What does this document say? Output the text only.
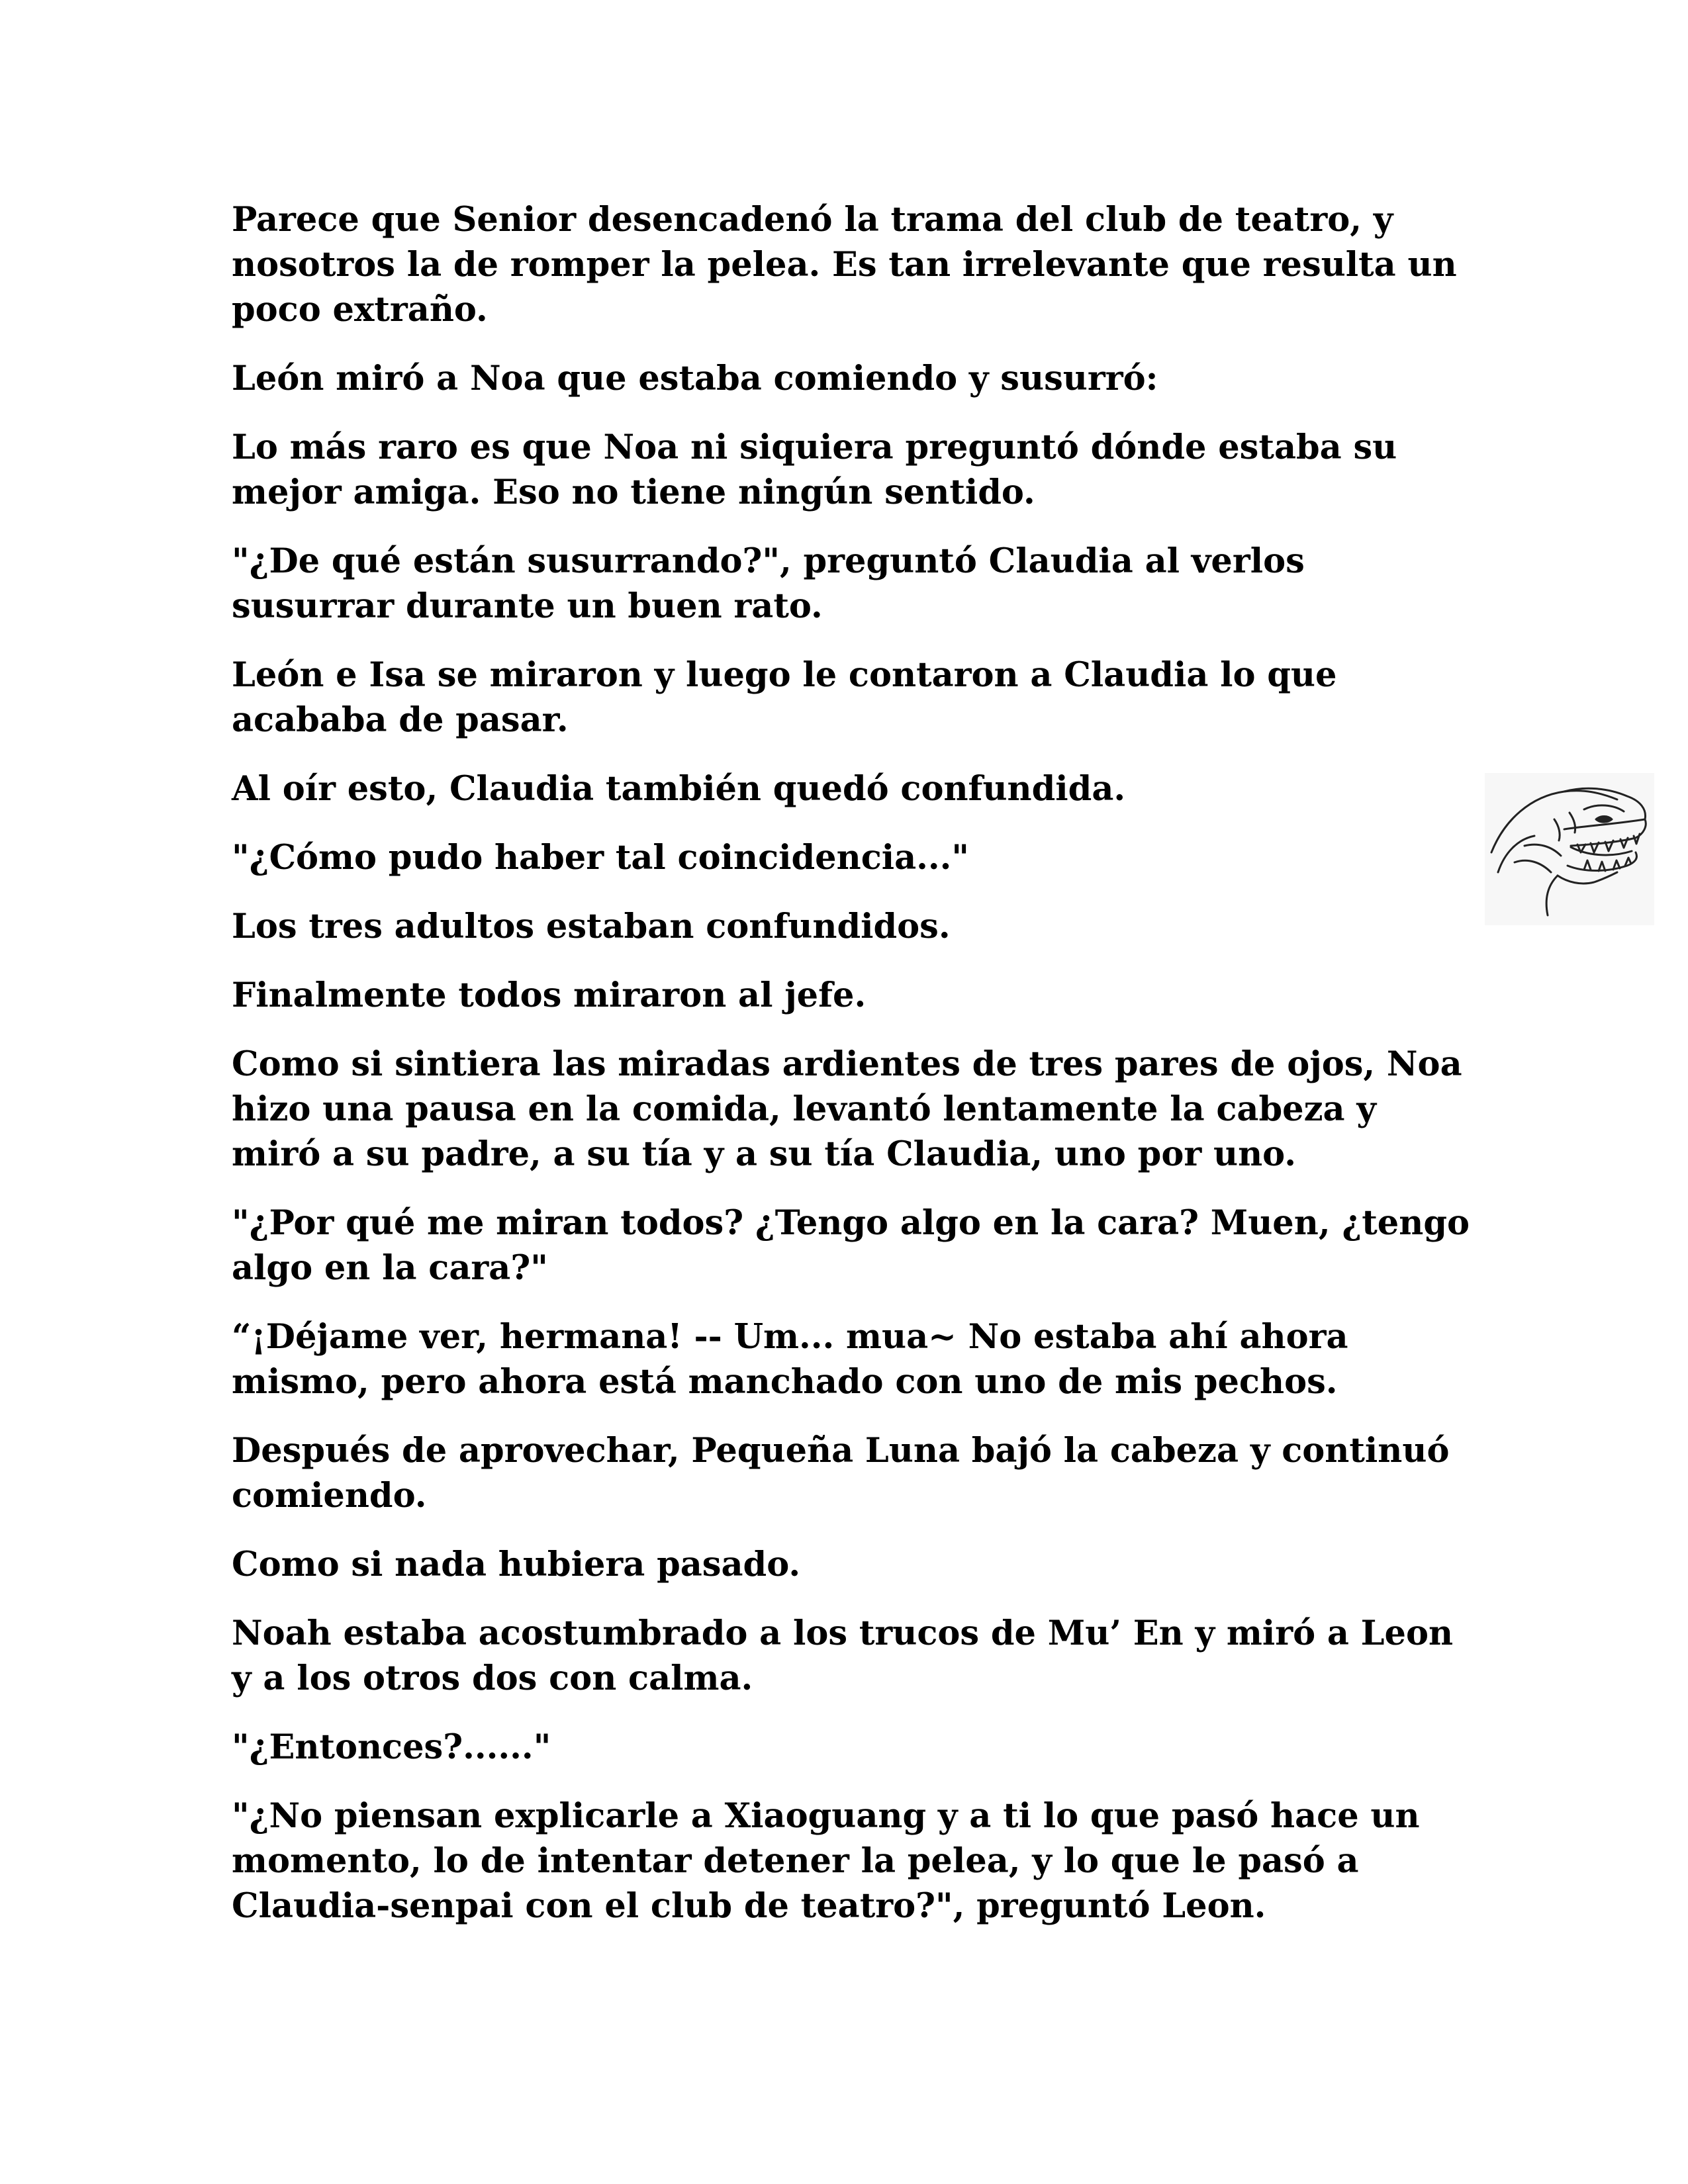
Parece que Senior desencadenó la trama del club de teatro, y nosotros la de romper la pelea. Es tan irrelevante que resulta un poco extraño.

León miró a Noa que estaba comiendo y susurró:

Lo más raro es que Noa ni siquiera preguntó dónde estaba su mejor amiga. Eso no tiene ningún sentido.

"¿De qué están susurrando?", preguntó Claudia al verlos susurrar durante un buen rato.

León e Isa se miraron y luego le contaron a Claudia lo que acababa de pasar.

Al oír esto, Claudia también quedó confundida.

"¿Cómo pudo haber tal coincidencia..."

Los tres adultos estaban confundidos.

Finalmente todos miraron al jefe.

Como si sintiera las miradas ardientes de tres pares de ojos, Noa hizo una pausa en la comida, levantó lentamente la cabeza y miró a su padre, a su tía y a su tía Claudia, uno por uno.

"¿Por qué me miran todos? ¿Tengo algo en la cara? Muen, ¿tengo algo en la cara?"

“¡Déjame ver, hermana! -- Um... mua~ No estaba ahí ahora mismo, pero ahora está manchado con uno de mis pechos.

Después de aprovechar, Pequeña Luna bajó la cabeza y continuó comiendo.

Como si nada hubiera pasado.

Noah estaba acostumbrado a los trucos de Mu’ En y miró a Leon y a los otros dos con calma.

"¿Entonces?......"

"¿No piensan explicarle a Xiaoguang y a ti lo que pasó hace un momento, lo de intentar detener la pelea, y lo que le pasó a Claudia-senpai con el club de teatro?", preguntó Leon.
